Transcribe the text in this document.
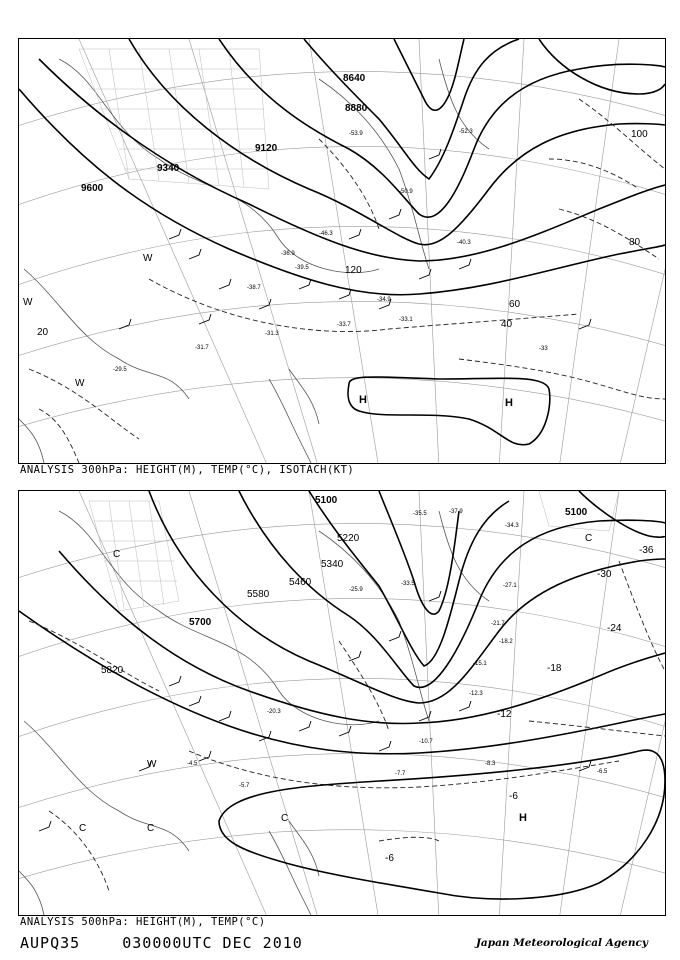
9600
9340
9120
8880
8640
20
40
60
80
100
120
H	H
W
W
W
-31.7
-31.3
-33.7
-34.9
-33.1
-36.9
-46.3
-52.3
-53.9
-50.9
-29.5
-40.3
-39.5
-38.7
-33
ANALYSIS 300hPa: HEIGHT(M), TEMP(°C), ISOTACH(KT)
5100
5100
5700
5220
5340
5460
5580
5820
-36
-30
-24
-18
-12
-6
-6
H
C
C	C
C
C
W
-37.9
-35.5
-34.3
-27.1
-21.7
-18.2
-15.1
-12.3
-10.7
-8.3
-7.7	-6.5
-5.7
-4.5
-20.3
-25.9
-33.5
ANALYSIS 500hPa: HEIGHT(M), TEMP(°C)
AUPQ35	030000UTC DEC 2010	Japan Meteorological Agency
